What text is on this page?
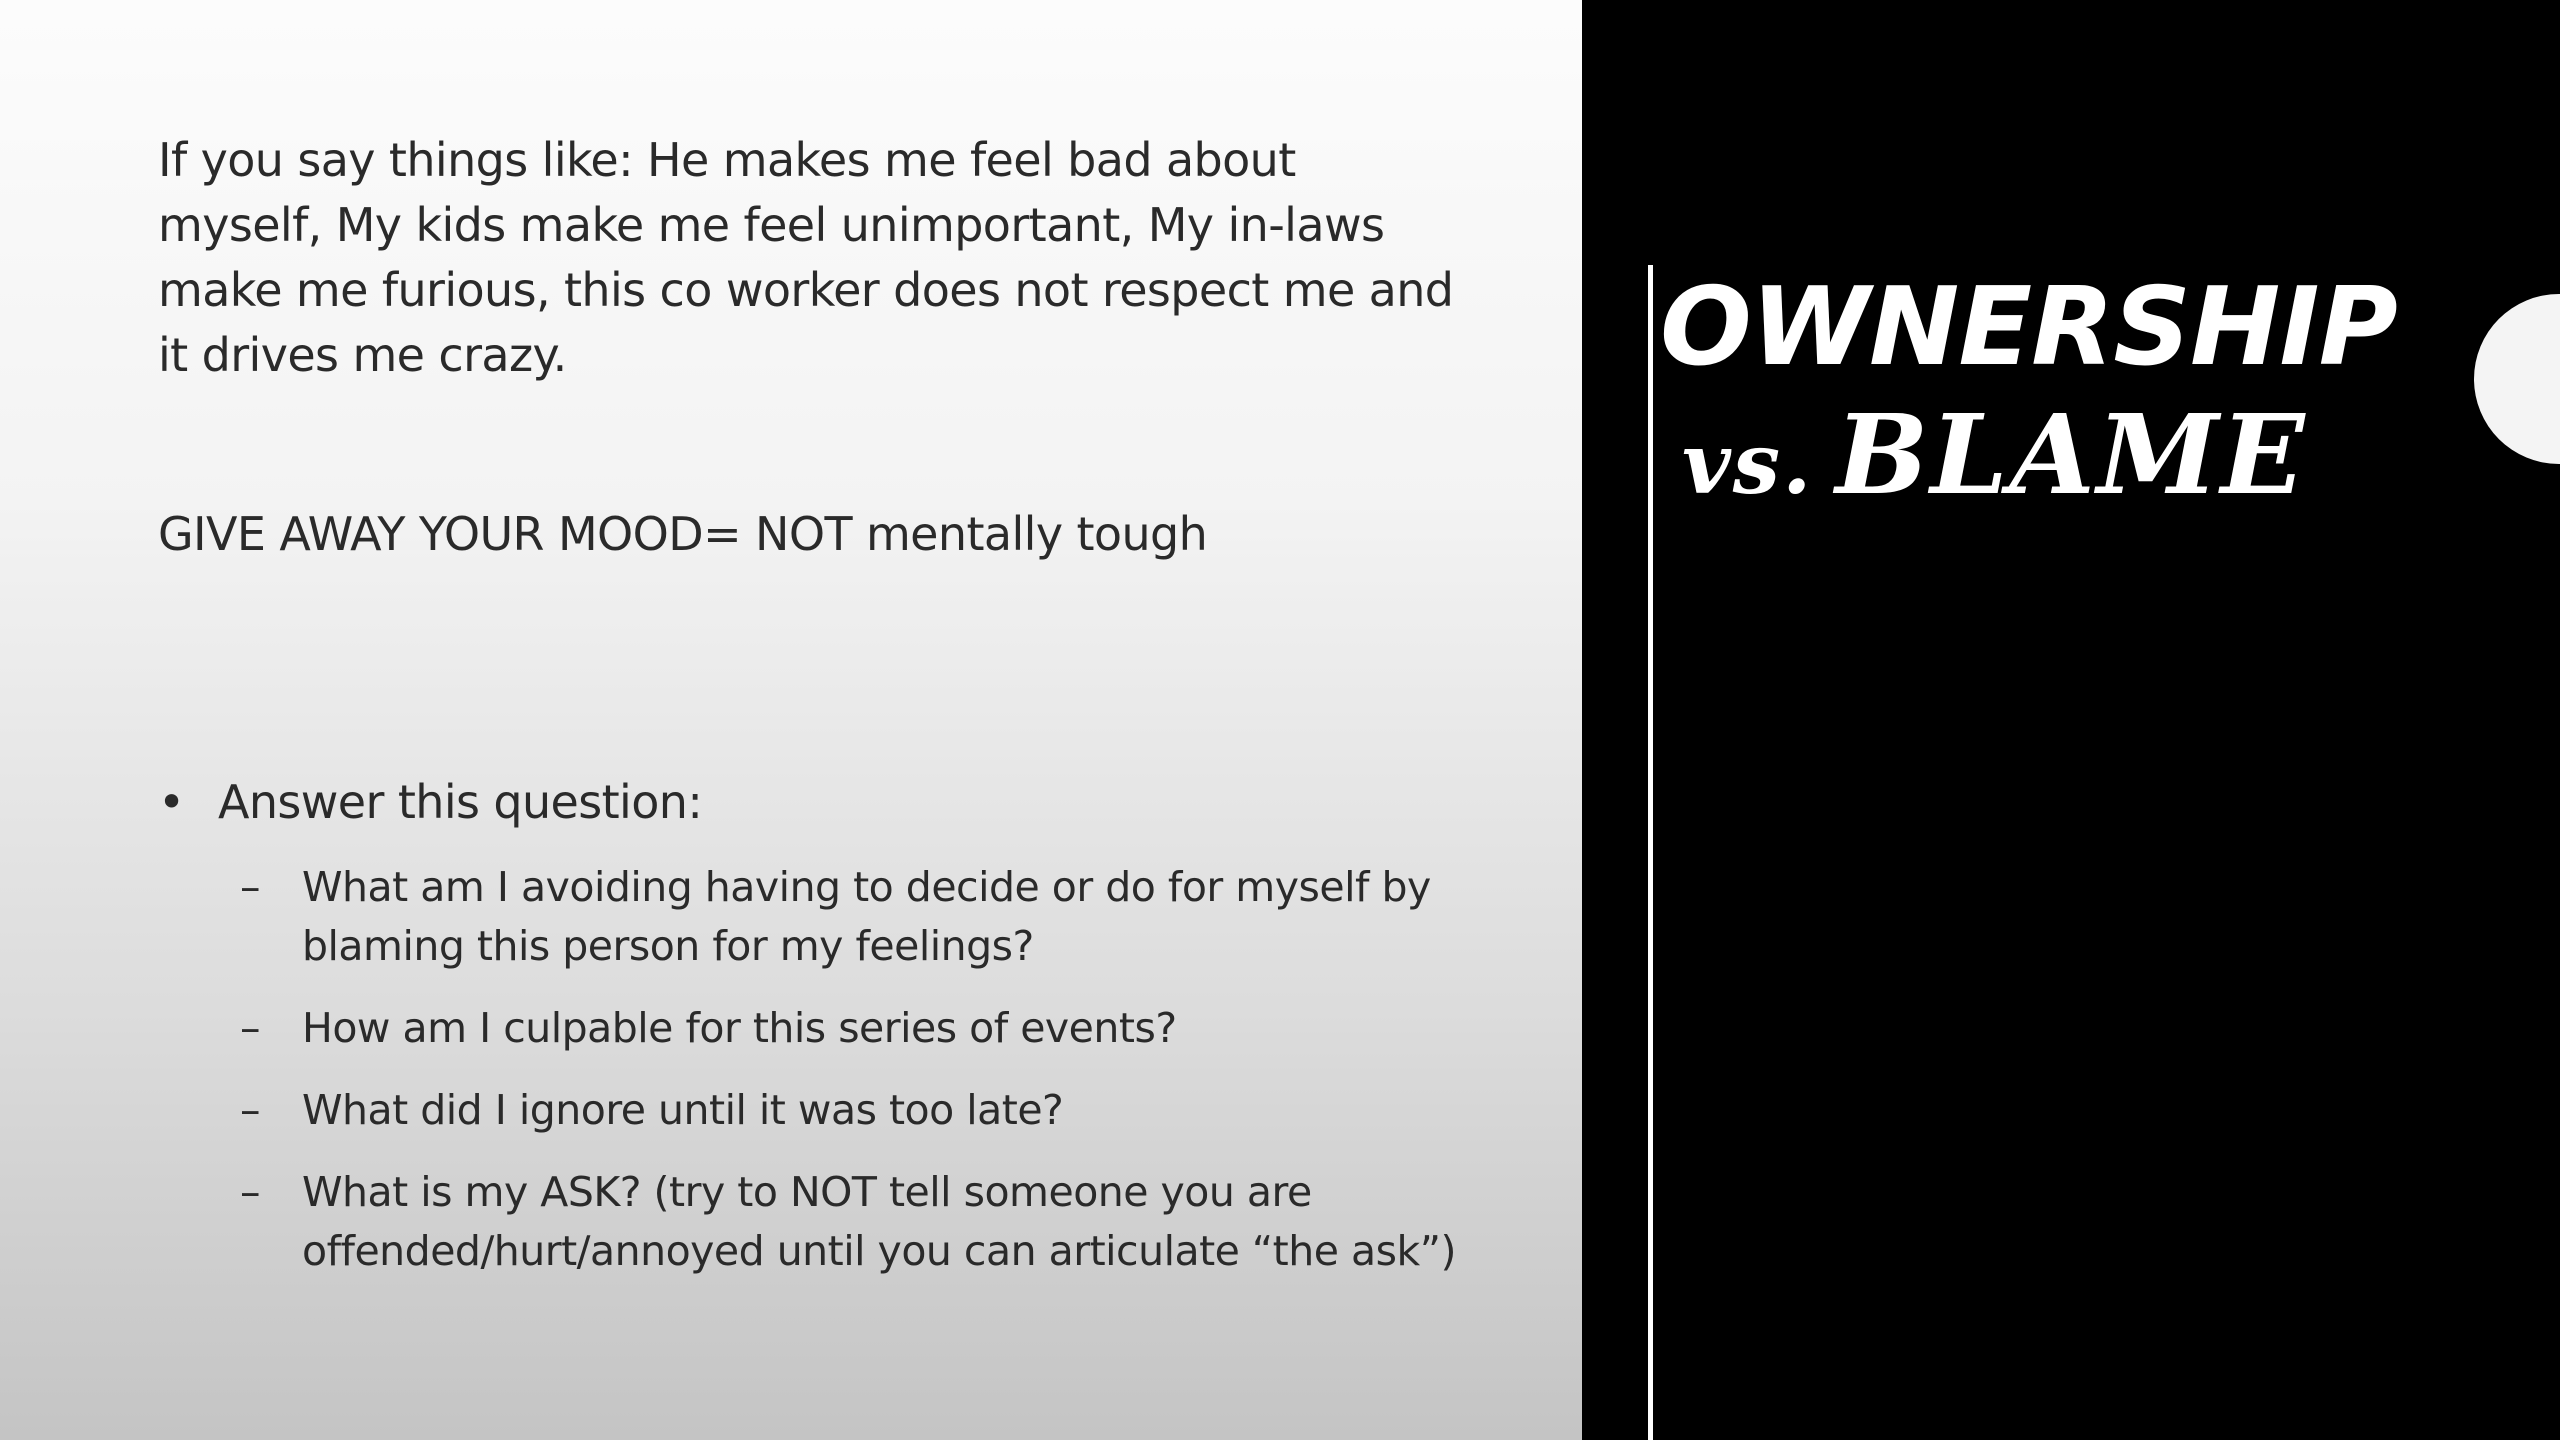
If you say things like: He makes me feel bad about myself, My kids make me feel unimportant, My in-laws make me furious, this co worker does not respect me and it drives me crazy.

GIVE AWAY YOUR MOOD= NOT mentally tough

• Answer this question:
– What am I avoiding having to decide or do for myself by blaming this person for my feelings?
– How am I culpable for this series of events?
– What did I ignore until it was too late?
– What is my ASK? (try to NOT tell someone you are offended/hurt/annoyed until you can articulate “the ask”)
OWNERSHIP
vs. BLAME
